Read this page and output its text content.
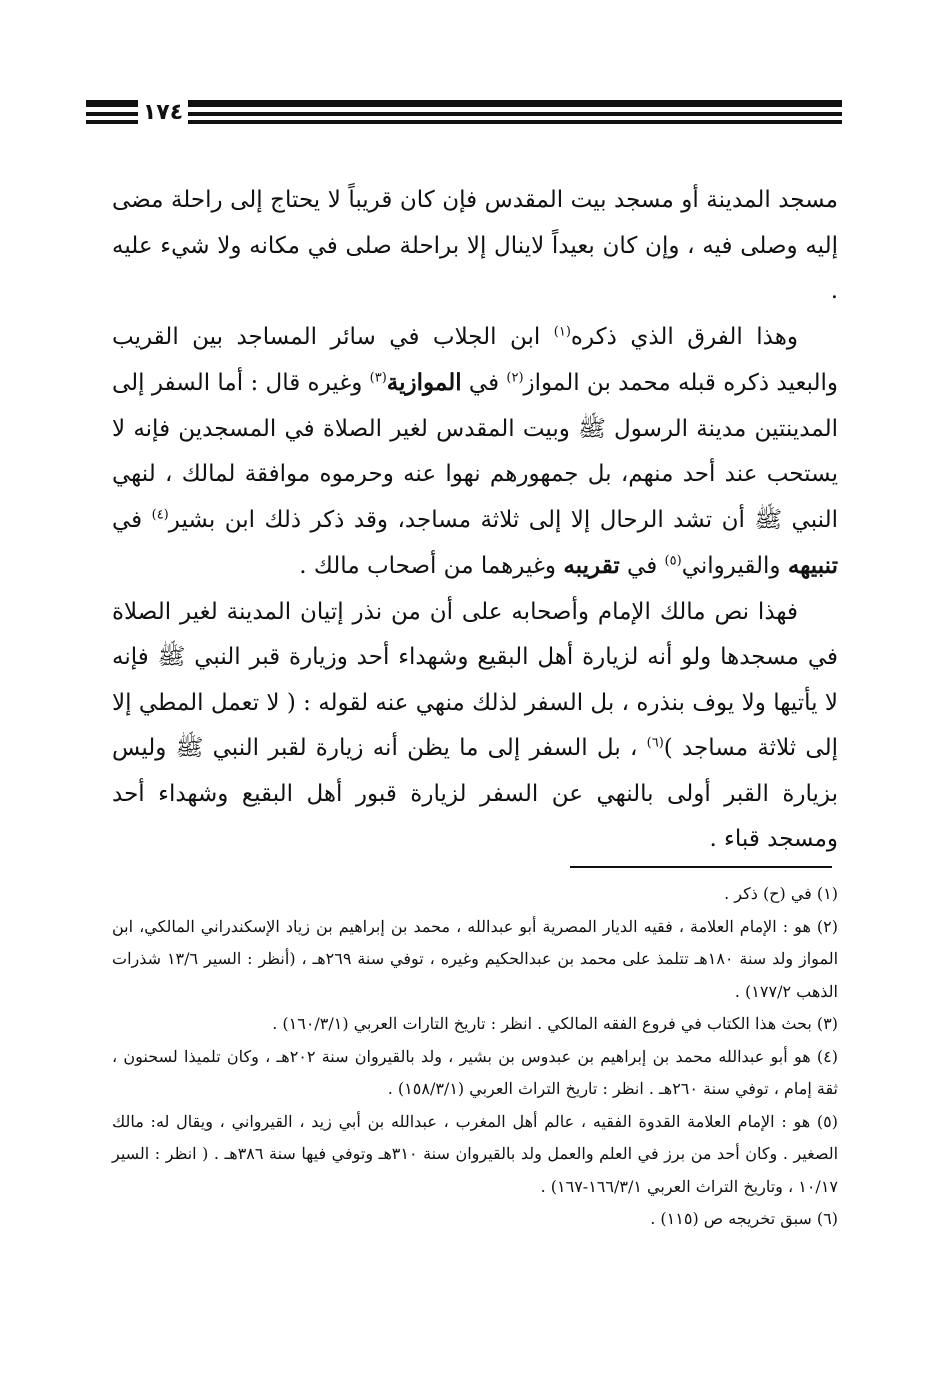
١٧٤

مسجد المدينة أو مسجد بيت المقدس فإن كان قريباً لا يحتاج إلى راحلة مضى إليه وصلى فيه ، وإن كان بعيداً لاينال إلا براحلة صلى في مكانه ولا شيء عليه .

وهذا الفرق الذي ذكره$^{(١)}$ ابن الجلاب في سائر المساجد بين القريب والبعيد ذكره قبله محمد بن المواز$^{(٢)}$ في الموازية$^{(٣)}$ وغيره قال : أما السفر إلى المدينتين مدينة الرسول ﷺ وبيت المقدس لغير الصلاة في المسجدين فإنه لا يستحب عند أحد منهم، بل جمهورهم نهوا عنه وحرموه موافقة لمالك ، لنهي النبي ﷺ أن تشد الرحال إلا إلى ثلاثة مساجد، وقد ذكر ذلك ابن بشير$^{(٤)}$ في تنبيهه والقيرواني$^{(٥)}$ في تقريبه وغيرهما من أصحاب مالك .

فهذا نص مالك الإمام وأصحابه على أن من نذر إتيان المدينة لغير الصلاة في مسجدها ولو أنه لزيارة أهل البقيع وشهداء أحد وزيارة قبر النبي ﷺ فإنه لا يأتيها ولا يوف بنذره ، بل السفر لذلك منهي عنه لقوله : ( لا تعمل المطي إلا إلى ثلاثة مساجد )$^{(٦)}$ ، بل السفر إلى ما يظن أنه زيارة لقبر النبي ﷺ وليس بزيارة القبر أولى بالنهي عن السفر لزيارة قبور أهل البقيع وشهداء أحد ومسجد قباء .

(١) في (ح) ذكر .

(٢) هو : الإمام العلامة ، فقيه الديار المصرية أبو عبدالله ، محمد بن إبراهيم بن زياد الإسكندراني المالكي، ابن المواز ولد سنة ١٨٠هـ تتلمذ على محمد بن عبدالحكيم وغيره ، توفي سنة ٢٦٩هـ ، (أنظر : السير ١٣/٦ شذرات الذهب ١٧٧/٢) .

(٣) بحث هذا الكتاب في فروع الفقه المالكي . انظر : تاريخ التارات العربي (١٦٠/٣/١) .

(٤) هو أبو عبدالله محمد بن إبراهيم بن عبدوس بن بشير ، ولد بالقيروان سنة ٢٠٢هـ ، وكان تلميذا لسحنون ، ثقة إمام ، توفي سنة ٢٦٠هـ . انظر : تاريخ التراث العربي (١٥٨/٣/١) .

(٥) هو : الإمام العلامة القدوة الفقيه ، عالم أهل المغرب ، عبدالله بن أبي زيد ، القيرواني ، ويقال له: مالك الصغير . وكان أحد من برز في العلم والعمل ولد بالقيروان سنة ٣١٠هـ وتوفي فيها سنة ٣٨٦هـ . ( انظر : السير ١٠/١٧ ، وتاريخ التراث العربي ١٦٦/٣/١-١٦٧) .

(٦) سبق تخريجه ص (١١٥) .
